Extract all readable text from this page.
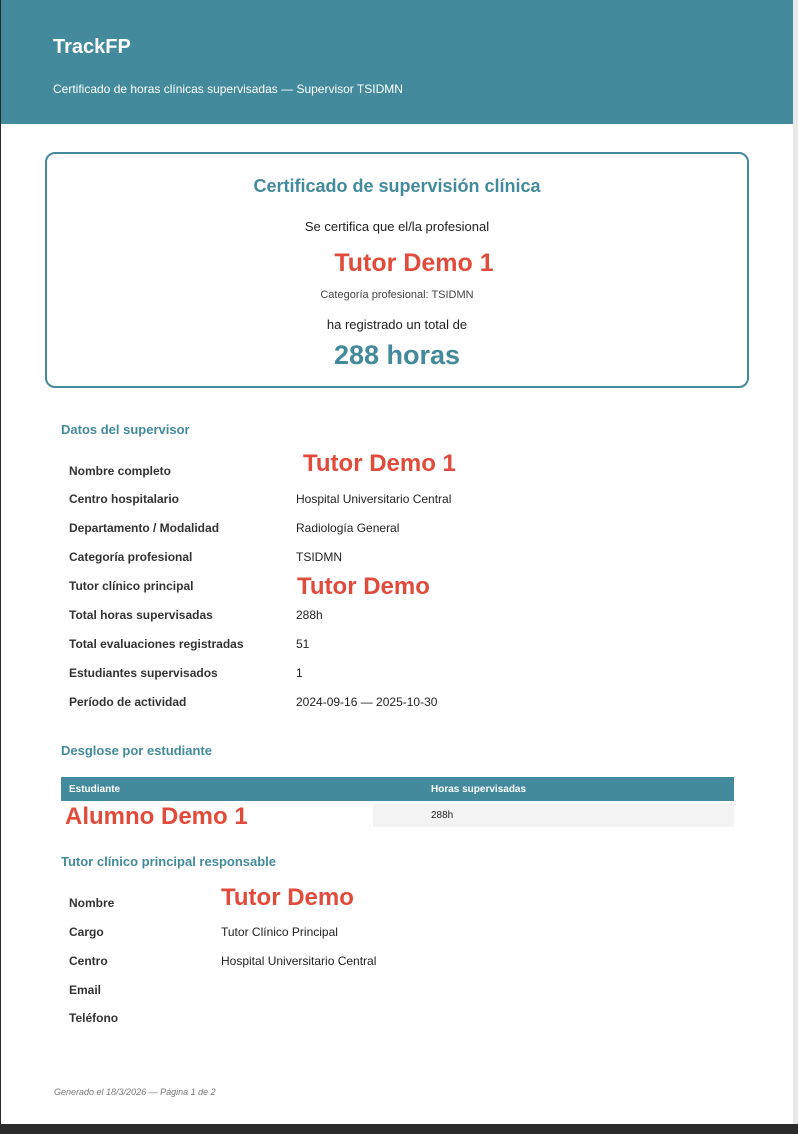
TrackFP
Certificado de horas clínicas supervisadas — Supervisor TSIDMN
Certificado de supervisión clínica
Se certifica que el/la profesional
Tutor Demo 1
Categoría profesional: TSIDMN
ha registrado un total de
288 horas
Datos del supervisor
Nombre completo	Tutor Demo 1
Centro hospitalario	Hospital Universitario Central
Departamento / Modalidad	Radiología General
Categoría profesional	TSIDMN
Tutor clínico principal	Tutor Demo
Total horas supervisadas	288h
Total evaluaciones registradas	51
Estudiantes supervisados	1
Período de actividad	2024-09-16 — 2025-10-30
Desglose por estudiante
Estudiante	Horas supervisadas
Alumno Demo 1	288h
Tutor clínico principal responsable
Nombre	Tutor Demo
Cargo	Tutor Clínico Principal
Centro	Hospital Universitario Central
Email
Teléfono
Generado el 18/3/2026 — Página 1 de 2
